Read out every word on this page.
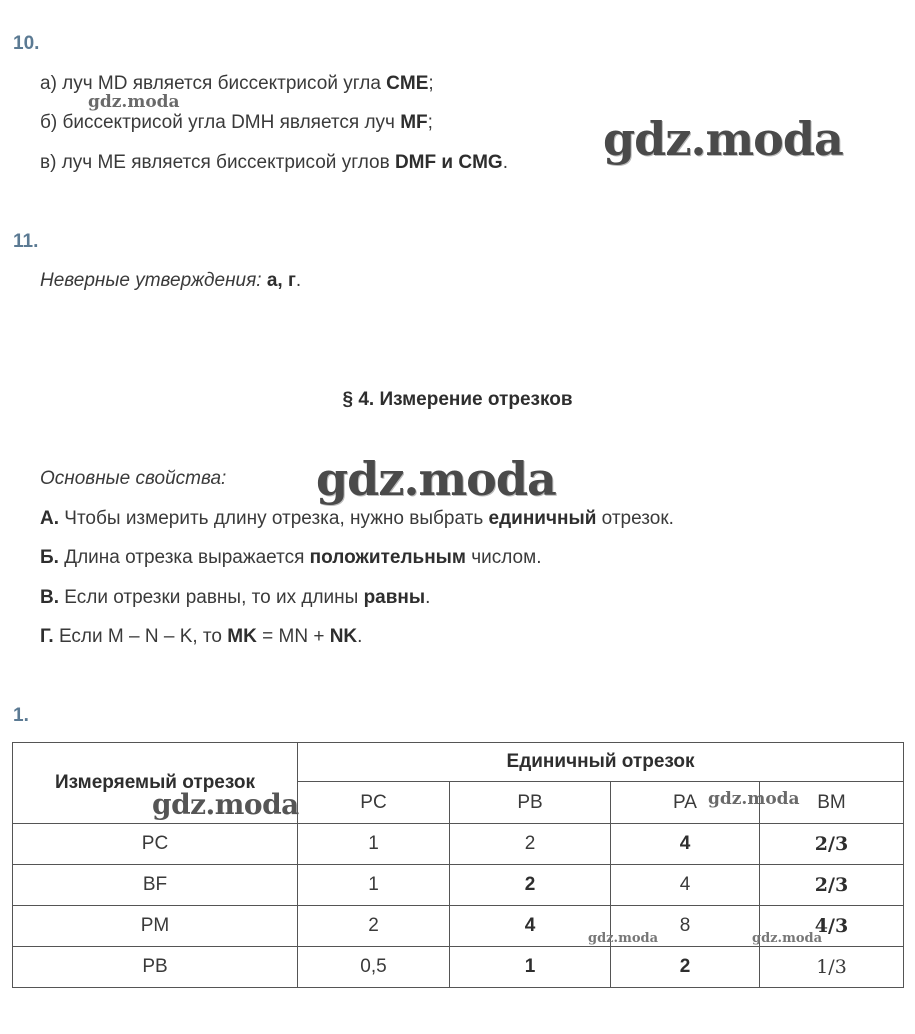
10.
а) луч MD является биссектрисой угла CME;
б) биссектрисой угла DMH является луч MF;
в) луч ME является биссектрисой углов DMF и CMG.
11.
Неверные утверждения: а, г.
§ 4. Измерение отрезков
Основные свойства:
А. Чтобы измерить длину отрезка, нужно выбрать единичный отрезок.
Б. Длина отрезка выражается положительным числом.
В. Если отрезки равны, то их длины равны.
Г. Если M – N – K, то MK = MN + NK.
1.
Измеряемый отрезок	Единичный отрезок			
	PC	PB	PA	BM
PC	1	2	4	2/3
BF	1	2	4	2/3
PM	2	4	8	4/3
PB	0,5	1	2	1/3
gdz.moda
gdz.moda
gdz.moda
gdz.moda	gdz.moda
gdz.moda	gdz.moda
